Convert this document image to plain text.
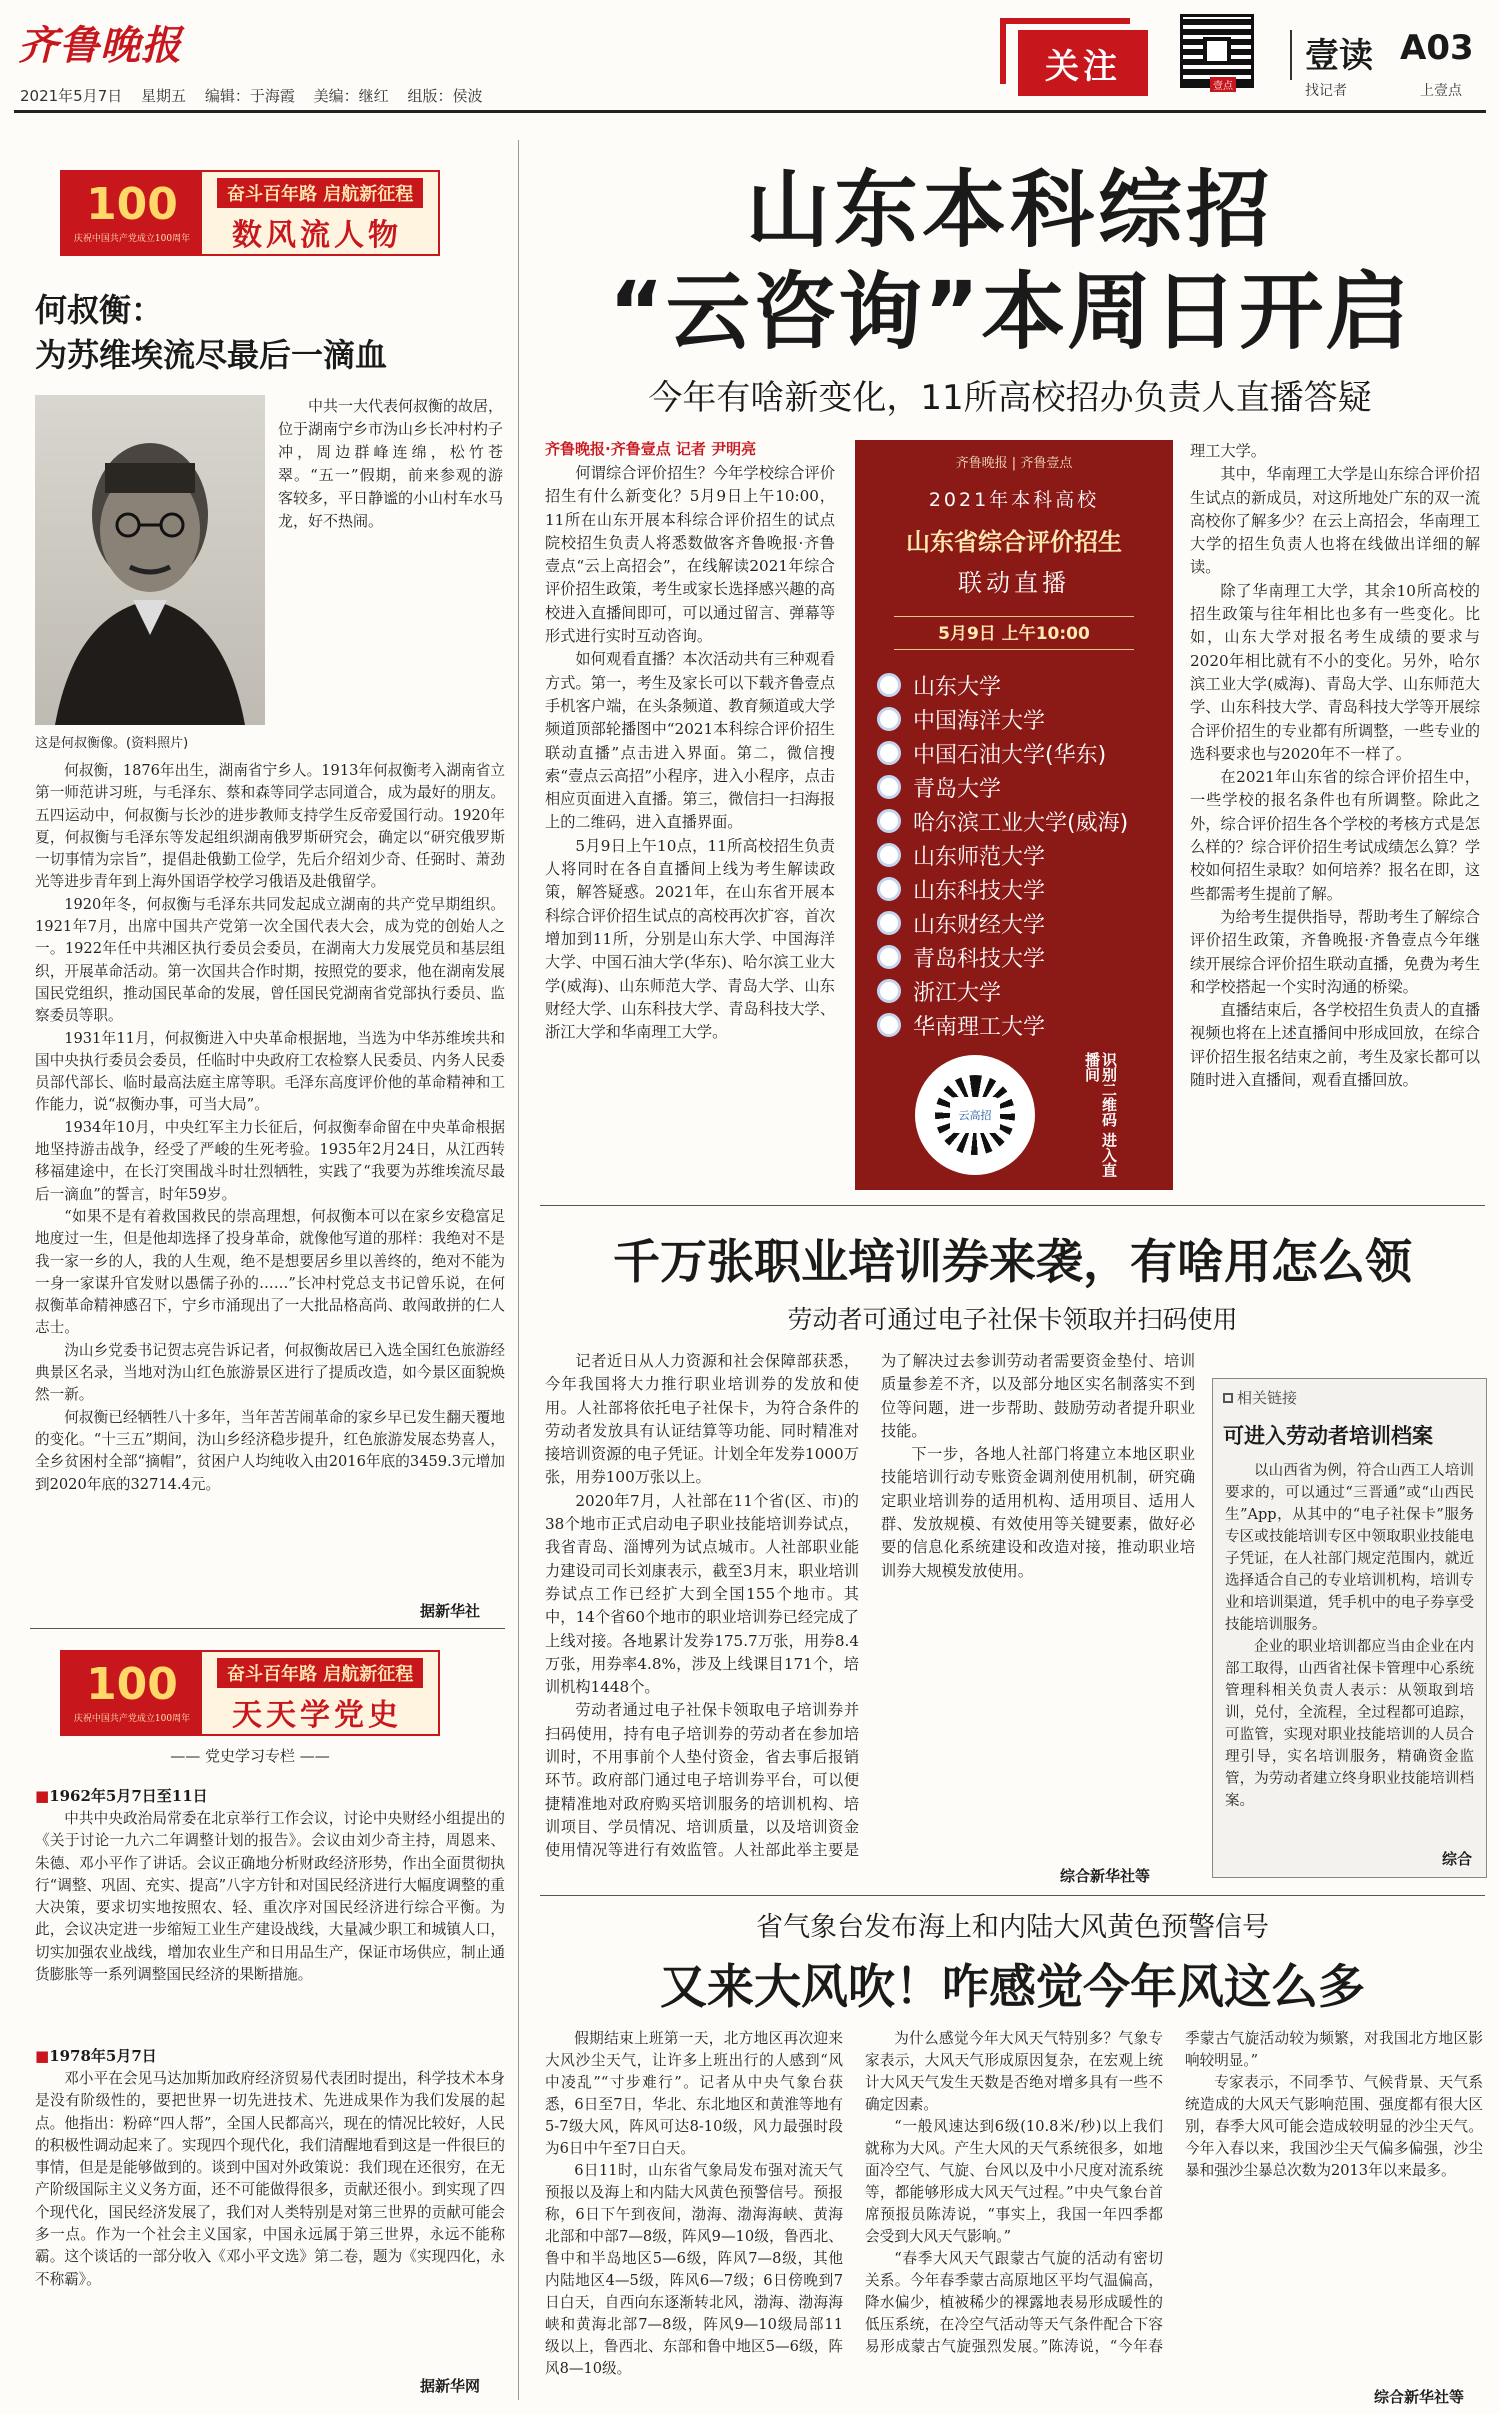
齐鲁晚报
2021年5月7日 星期五 编辑：于海霞 美编：继红 组版：侯波
关注	壹点
壹读 A03
找记者	上壹点
100
庆祝中国共产党成立100周年
奋斗百年路 启航新征程
数风流人物
何叔衡：
为苏维埃流尽最后一滴血
这是何叔衡像。(资料照片)

中共一大代表何叔衡的故居，位于湖南宁乡市沩山乡长冲村杓子冲，周边群峰连绵，松竹苍翠。“五一”假期，前来参观的游客较多，平日静谧的小山村车水马龙，好不热闹。

何叔衡，1876年出生，湖南省宁乡人。1913年何叔衡考入湖南省立第一师范讲习班，与毛泽东、蔡和森等同学志同道合，成为最好的朋友。五四运动中，何叔衡与长沙的进步教师支持学生反帝爱国行动。1920年夏，何叔衡与毛泽东等发起组织湖南俄罗斯研究会，确定以“研究俄罗斯一切事情为宗旨”，提倡赴俄勤工俭学，先后介绍刘少奇、任弼时、萧劲光等进步青年到上海外国语学校学习俄语及赴俄留学。

1920年冬，何叔衡与毛泽东共同发起成立湖南的共产党早期组织。1921年7月，出席中国共产党第一次全国代表大会，成为党的创始人之一。1922年任中共湘区执行委员会委员，在湖南大力发展党员和基层组织，开展革命活动。第一次国共合作时期，按照党的要求，他在湖南发展国民党组织，推动国民革命的发展，曾任国民党湖南省党部执行委员、监察委员等职。

1931年11月，何叔衡进入中央革命根据地，当选为中华苏维埃共和国中央执行委员会委员，任临时中央政府工农检察人民委员、内务人民委员部代部长、临时最高法庭主席等职。毛泽东高度评价他的革命精神和工作能力，说“叔衡办事，可当大局”。

1934年10月，中央红军主力长征后，何叔衡奉命留在中央革命根据地坚持游击战争，经受了严峻的生死考验。1935年2月24日，从江西转移福建途中，在长汀突围战斗时壮烈牺牲，实践了“我要为苏维埃流尽最后一滴血”的誓言，时年59岁。

“如果不是有着救国救民的崇高理想，何叔衡本可以在家乡安稳富足地度过一生，但是他却选择了投身革命，就像他写道的那样：我绝对不是我一家一乡的人，我的人生观，绝不是想要居乡里以善终的，绝对不能为一身一家谋升官发财以愚儒子孙的……”长冲村党总支书记曾乐说，在何叔衡革命精神感召下，宁乡市涌现出了一大批品格高尚、敢闯敢拼的仁人志士。

沩山乡党委书记贺志亮告诉记者，何叔衡故居已入选全国红色旅游经典景区名录，当地对沩山红色旅游景区进行了提质改造，如今景区面貌焕然一新。

何叔衡已经牺牲八十多年，当年苦苦闹革命的家乡早已发生翻天覆地的变化。“十三五”期间，沩山乡经济稳步提升，红色旅游发展态势喜人，全乡贫困村全部“摘帽”，贫困户人均纯收入由2016年底的3459.3元增加到2020年底的32714.4元。

据新华社
100
庆祝中国共产党成立100周年
奋斗百年路 启航新征程
天天学党史
—— 党史学习专栏 ——
■1962年5月7日至11日

中共中央政治局常委在北京举行工作会议，讨论中央财经小组提出的《关于讨论一九六二年调整计划的报告》。会议由刘少奇主持，周恩来、朱德、邓小平作了讲话。会议正确地分析财政经济形势，作出全面贯彻执行“调整、巩固、充实、提高”八字方针和对国民经济进行大幅度调整的重大决策，要求切实地按照农、轻、重次序对国民经济进行综合平衡。为此，会议决定进一步缩短工业生产建设战线，大量减少职工和城镇人口，切实加强农业战线，增加农业生产和日用品生产，保证市场供应，制止通货膨胀等一系列调整国民经济的果断措施。

■1978年5月7日

邓小平在会见马达加斯加政府经济贸易代表团时提出，科学技术本身是没有阶级性的，要把世界一切先进技术、先进成果作为我们发展的起点。他指出：粉碎“四人帮”，全国人民都高兴，现在的情况比较好，人民的积极性调动起来了。实现四个现代化，我们清醒地看到这是一件很巨的事情，但是是能够做到的。谈到中国对外政策说：我们现在还很穷，在无产阶级国际主义义务方面，还不可能做得很多，贡献还很小。到实现了四个现代化，国民经济发展了，我们对人类特别是对第三世界的贡献可能会多一点。作为一个社会主义国家，中国永远属于第三世界，永远不能称霸。这个谈话的一部分收入《邓小平文选》第二卷，题为《实现四化，永不称霸》。

据新华网
山东本科综招
“云咨询”本周日开启
今年有啥新变化，11所高校招办负责人直播答疑
齐鲁晚报·齐鲁壹点 记者 尹明亮

何谓综合评价招生？今年学校综合评价招生有什么新变化？5月9日上午10:00，11所在山东开展本科综合评价招生的试点院校招生负责人将悉数做客齐鲁晚报·齐鲁壹点“云上高招会”，在线解读2021年综合评价招生政策，考生或家长选择感兴趣的高校进入直播间即可，可以通过留言、弹幕等形式进行实时互动咨询。

如何观看直播？本次活动共有三种观看方式。第一，考生及家长可以下载齐鲁壹点手机客户端，在头条频道、教育频道或大学频道顶部轮播图中“2021本科综合评价招生联动直播”点击进入界面。第二，微信搜索“壹点云高招”小程序，进入小程序，点击相应页面进入直播。第三，微信扫一扫海报上的二维码，进入直播界面。

5月9日上午10点，11所高校招生负责人将同时在各自直播间上线为考生解读政策，解答疑惑。2021年，在山东省开展本科综合评价招生试点的高校再次扩容，首次增加到11所，分别是山东大学、中国海洋大学、中国石油大学(华东)、哈尔滨工业大学(威海)、山东师范大学、青岛大学、山东财经大学、山东科技大学、青岛科技大学、浙江大学和华南理工大学。

齐鲁晚报 | 齐鲁壹点
2021年本科高校
山东省综合评价招生
联动直播
5月9日 上午10:00
山东大学
中国海洋大学
中国石油大学(华东)
青岛大学
哈尔滨工业大学(威海)
山东师范大学
山东科技大学
山东财经大学
青岛科技大学
浙江大学
华南理工大学
云高招	识别二维码 进入直播间

理工大学。

其中，华南理工大学是山东综合评价招生试点的新成员，对这所地处广东的双一流高校你了解多少？在云上高招会，华南理工大学的招生负责人也将在线做出详细的解读。

除了华南理工大学，其余10所高校的招生政策与往年相比也多有一些变化。比如，山东大学对报名考生成绩的要求与2020年相比就有不小的变化。另外，哈尔滨工业大学(威海)、青岛大学、山东师范大学、山东科技大学、青岛科技大学等开展综合评价招生的专业都有所调整，一些专业的选科要求也与2020年不一样了。

在2021年山东省的综合评价招生中，一些学校的报名条件也有所调整。除此之外，综合评价招生各个学校的考核方式是怎么样的？综合评价招生考试成绩怎么算？学校如何招生录取？如何培养？报名在即，这些都需考生提前了解。

为给考生提供指导，帮助考生了解综合评价招生政策，齐鲁晚报·齐鲁壹点今年继续开展综合评价招生联动直播，免费为考生和学校搭起一个实时沟通的桥梁。

直播结束后，各学校招生负责人的直播视频也将在上述直播间中形成回放，在综合评价招生报名结束之前，考生及家长都可以随时进入直播间，观看直播回放。

千万张职业培训券来袭，有啥用怎么领
劳动者可通过电子社保卡领取并扫码使用

记者近日从人力资源和社会保障部获悉，今年我国将大力推行职业培训券的发放和使用。人社部将依托电子社保卡，为符合条件的劳动者发放具有认证结算等功能、同时精准对接培训资源的电子凭证。计划全年发券1000万张，用券100万张以上。

2020年7月，人社部在11个省(区、市)的38个地市正式启动电子职业技能培训券试点，我省青岛、淄博列为试点城市。人社部职业能力建设司司长刘康表示，截至3月末，职业培训券试点工作已经扩大到全国155个地市。其中，14个省60个地市的职业培训券已经完成了上线对接。各地累计发券175.7万张，用券8.4万张，用券率4.8%，涉及上线课目171个，培训机构1448个。

劳动者通过电子社保卡领取电子培训券并扫码使用，持有电子培训券的劳动者在参加培训时，不用事前个人垫付资金，省去事后报销环节。政府部门通过电子培训券平台，可以便捷精准地对政府购买培训服务的培训机构、培训项目、学员情况、培训质量，以及培训资金使用情况等进行有效监管。人社部此举主要是为了解决过去参训劳动者需要资金垫付、培训质量参差不齐，以及部分地区实名制落实不到位等问题，进一步帮助、鼓励劳动者提升职业技能。

下一步，各地人社部门将建立本地区职业技能培训行动专账资金调剂使用机制，研究确定职业培训券的适用机构、适用项目、适用人群、发放规模、有效使用等关键要素，做好必要的信息化系统建设和改造对接，推动职业培训券大规模发放使用。

综合新华社等
相关链接
可进入劳动者培训档案

以山西省为例，符合山西工人培训要求的，可以通过“三晋通”或“山西民生”App，从其中的“电子社保卡”服务专区或技能培训专区中领取职业技能电子凭证，在人社部门规定范围内，就近选择适合自己的专业培训机构，培训专业和培训渠道，凭手机中的电子券享受技能培训服务。

企业的职业培训都应当由企业在内部工取得，山西省社保卡管理中心系统管理科相关负责人表示：从领取到培训，兑付，全流程，全过程都可追踪，可监管，实现对职业技能培训的人员合理引导，实名培训服务，精确资金监管，为劳动者建立终身职业技能培训档案。

综合
省气象台发布海上和内陆大风黄色预警信号
又来大风吹！咋感觉今年风这么多

假期结束上班第一天，北方地区再次迎来大风沙尘天气，让许多上班出行的人感到“风中凌乱”“寸步难行”。记者从中央气象台获悉，6日至7日，华北、东北地区和黄淮等地有5-7级大风，阵风可达8-10级，风力最强时段为6日中午至7日白天。

6日11时，山东省气象局发布强对流天气预报以及海上和内陆大风黄色预警信号。预报称，6日下午到夜间，渤海、渤海海峡、黄海北部和中部7—8级，阵风9—10级，鲁西北、鲁中和半岛地区5—6级，阵风7—8级，其他内陆地区4—5级，阵风6—7级；6日傍晚到7日白天，自西向东逐渐转北风，渤海、渤海海峡和黄海北部7—8级，阵风9—10级局部11级以上，鲁西北、东部和鲁中地区5—6级，阵风8—10级。

为什么感觉今年大风天气特别多？气象专家表示，大风天气形成原因复杂，在宏观上统计大风天气发生天数是否绝对增多具有一些不确定因素。

“一般风速达到6级(10.8米/秒)以上我们就称为大风。产生大风的天气系统很多，如地面冷空气、气旋、台风以及中小尺度对流系统等，都能够形成大风天气过程。”中央气象台首席预报员陈涛说，“事实上，我国一年四季都会受到大风天气影响。”

“春季大风天气跟蒙古气旋的活动有密切关系。今年春季蒙古高原地区平均气温偏高，降水偏少，植被稀少的裸露地表易形成暖性的低压系统，在冷空气活动等天气条件配合下容易形成蒙古气旋强烈发展。”陈涛说，“今年春季蒙古气旋活动较为频繁，对我国北方地区影响较明显。”

专家表示，不同季节、气候背景、天气系统造成的大风天气影响范围、强度都有很大区别，春季大风可能会造成较明显的沙尘天气。今年入春以来，我国沙尘天气偏多偏强，沙尘暴和强沙尘暴总次数为2013年以来最多。

综合新华社等
